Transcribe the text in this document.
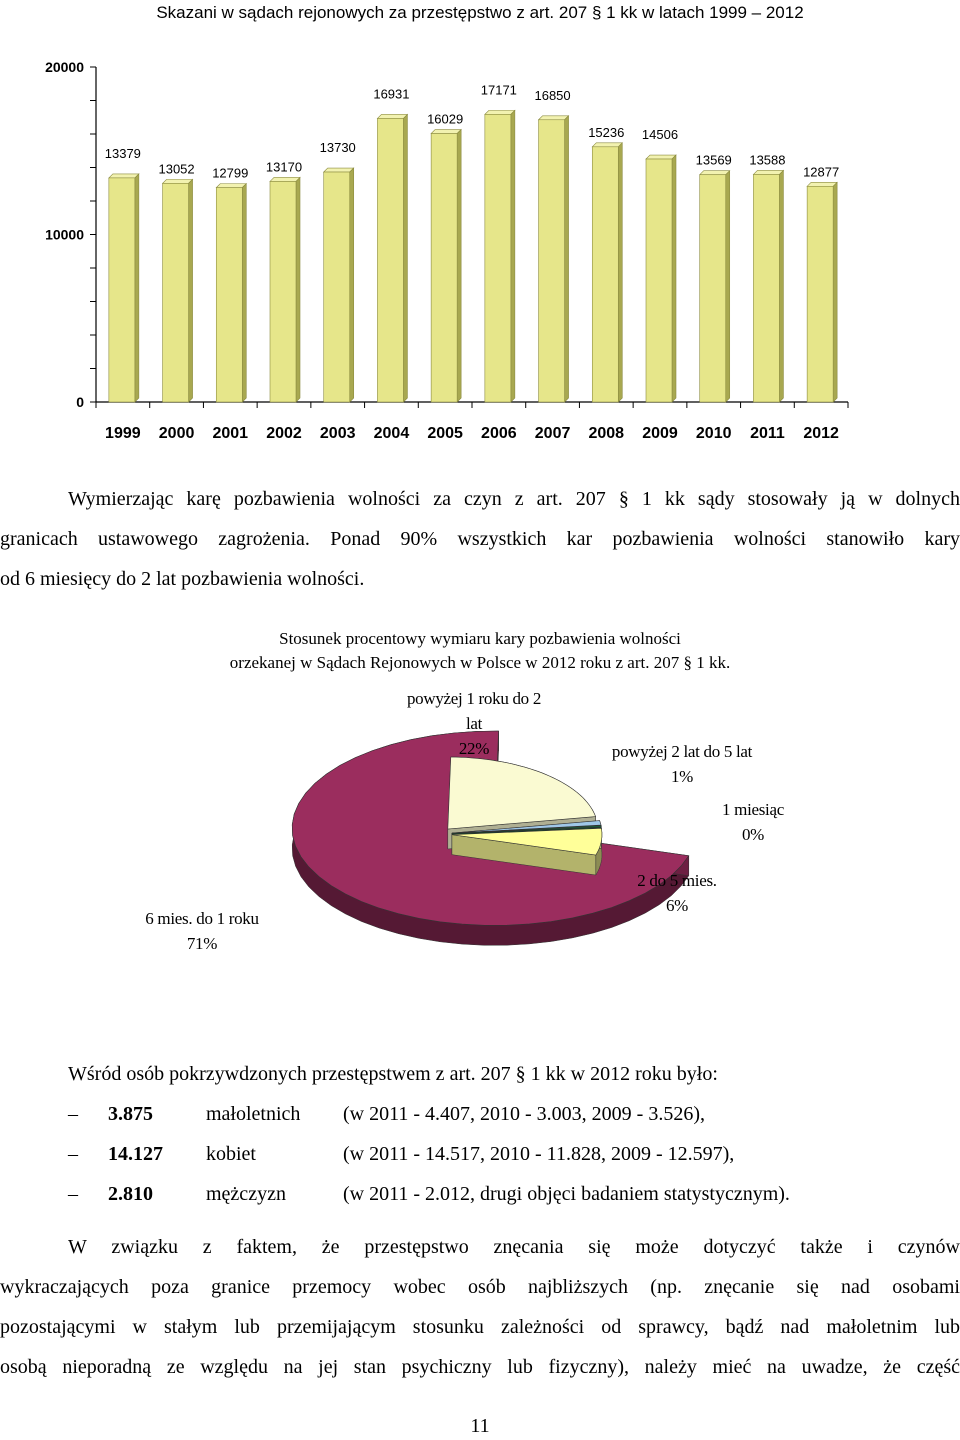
Skazani w sądach rejonowych za przestępstwo z art. 207 § 1 kk w latach 1999 – 2012
0
10000
20000
13379
1999
13052
2000
12799
2001
13170
2002
13730
2003
16931
2004
16029
2005
17171
2006
16850
2007
15236
2008
14506
2009
13569
2010
13588
2011
12877
2012

Wymierzając karę pozbawienia wolności za czyn z art. 207 § 1 kk sądy stosowały ją w dolnych

granicach ustawowego zagrożenia. Ponad 90% wszystkich kar pozbawienia wolności stanowiło kary

od 6 miesięcy do 2 lat pozbawienia wolności.

Stosunek procentowy wymiaru kary pozbawienia wolności
orzekanej w Sądach Rejonowych w Polsce w 2012 roku z art. 207 § 1 kk.
powyżej 1 roku do 2
lat
22%	powyżej 2 lat do 5 lat
1%
1 miesiąc
0%
2 do 5 mies.
6%
6 mies. do 1 roku
71%

Wśród osób pokrzywdzonych przestępstwem z art. 207 § 1 kk w 2012 roku było:

– 3.875	małoletnich (w 2011 - 4.407, 2010 - 3.003, 2009 - 3.526),
– 14.127 kobiet	(w 2011 - 14.517, 2010 - 11.828, 2009 - 12.597),
– 2.810	mężczyzn	(w 2011 - 2.012, drugi objęci badaniem statystycznym).

W związku z faktem, że przestępstwo znęcania się może dotyczyć także i czynów

wykraczających poza granice przemocy wobec osób najbliższych (np. znęcanie się nad osobami

pozostającymi w stałym lub przemijającym stosunku zależności od sprawcy, bądź nad małoletnim lub

osobą nieporadną ze względu na jej stan psychiczny lub fizyczny), należy mieć na uwadze, że część

11
